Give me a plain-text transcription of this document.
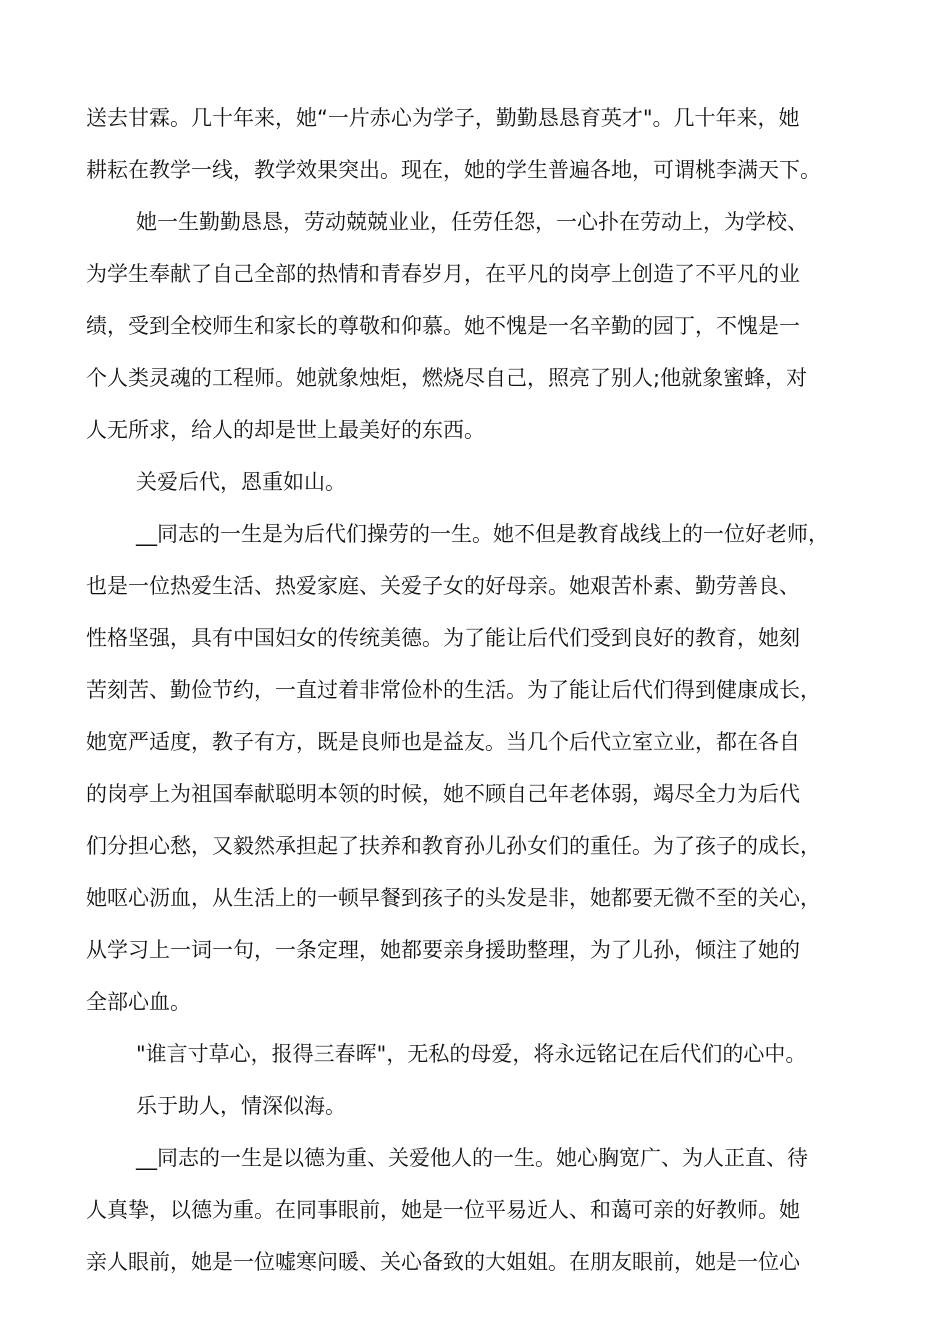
送去甘霖。几十年来，她“一片赤心为学子，勤勤恳恳育英才"。几十年来，她
耕耘在教学一线，教学效果突出。现在，她的学生普遍各地，可谓桃李满天下。
她一生勤勤恳恳，劳动兢兢业业，任劳任怨，一心扑在劳动上，为学校、
为学生奉献了自己全部的热情和青春岁月，在平凡的岗亭上创造了不平凡的业
绩，受到全校师生和家长的尊敬和仰慕。她不愧是一名辛勤的园丁，不愧是一
个人类灵魂的工程师。她就象烛炬，燃烧尽自己，照亮了别人;他就象蜜蜂，对
人无所求，给人的却是世上最美好的东西。
关爱后代，恩重如山。
__同志的一生是为后代们操劳的一生。她不但是教育战线上的一位好老师，
也是一位热爱生活、热爱家庭、关爱子女的好母亲。她艰苦朴素、勤劳善良、
性格坚强，具有中国妇女的传统美德。为了能让后代们受到良好的教育，她刻
苦刻苦、勤俭节约，一直过着非常俭朴的生活。为了能让后代们得到健康成长，
她宽严适度，教子有方，既是良师也是益友。当几个后代立室立业，都在各自
的岗亭上为祖国奉献聪明本领的时候，她不顾自己年老体弱，竭尽全力为后代
们分担心愁，又毅然承担起了扶养和教育孙儿孙女们的重任。为了孩子的成长，
她呕心沥血，从生活上的一顿早餐到孩子的头发是非，她都要无微不至的关心，
从学习上一词一句，一条定理，她都要亲身援助整理，为了儿孙，倾注了她的
全部心血。
"谁言寸草心，报得三春晖"，无私的母爱，将永远铭记在后代们的心中。
乐于助人，情深似海。
__同志的一生是以德为重、关爱他人的一生。她心胸宽广、为人正直、待
人真挚，以德为重。在同事眼前，她是一位平易近人、和蔼可亲的好教师。她
亲人眼前，她是一位嘘寒问暖、关心备致的大姐姐。在朋友眼前，她是一位心
